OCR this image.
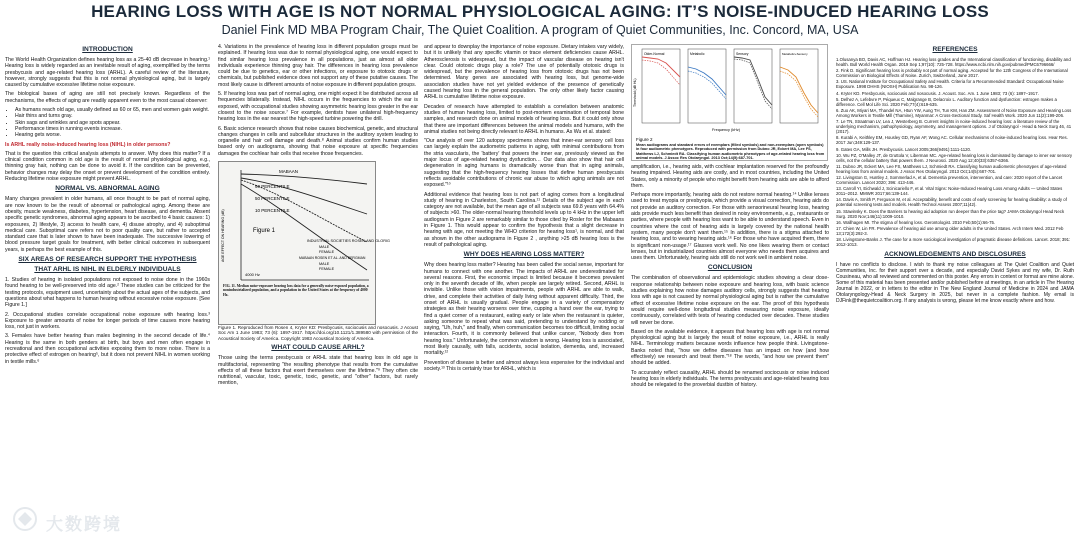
HEARING LOSS WITH AGE IS NOT NORMAL PHYSIOLOGICAL AGING: IT’S NOISE-INDUCED HEARING LOSS
Daniel Fink MD MBA Program Chair, The Quiet Coalition. A program of Quiet Communities, Inc. Concord, MA, USA
INTRODUCTION

The World Health Organization defines hearing loss as a 25-40 dB decrease in hearing.¹ Hearing loss is widely regarded as an inevitable result of aging, exemplified by the terms presbycusis and age-related hearing loss (ARHL). A careful review of the literature, however, strongly suggests that this is not normal physiological aging, but is largely caused by cumulative excessive lifetime noise exposure.

The biological bases of aging are still not precisely known. Regardless of the mechanisms, the effects of aging are readily apparent even to the most casual observer:

• As humans reach old age, usually defined as 60 or 65, men and women gain weight.
• Hair thins and turns gray.
• Skin sags and wrinkles and age spots appear.
• Performance times in running events increase.
• Hearing gets worse.

Is ARHL really noise-induced hearing loss (NIHL) in older persons?

That is the question this critical analysis attempts to answer. Why does this matter? If a clinical condition common in old age is the result of normal physiological aging, e.g., thinning gray hair, nothing can be done to avoid it. If the condition can be prevented, behavior changes may delay the onset or prevent development of the condition entirely. Reducing lifetime noise exposure might prevent ARHL.

NORMAL VS. ABNORMAL AGING

Many changes prevalent in older humans, all once thought to be part of normal aging, are now known to be the result of abnormal or pathological aging. Among these are obesity, muscle weakness, diabetes, hypertension, heart disease, and dementia. Absent specific genetic syndromes, abnormal aging appears to be ascribed to 4 basic causes: 1) exposures, 2) lifestyle, 3) access to health care, 4) disuse atrophy, and 4) suboptimal medical care. Suboptimal care refers not to poor quality care, but rather to accepted standard care that is later shown to have been inadequate. The successive lowering of blood pressure target goals for treatment, with better clinical outcomes in subsequent years, is perhaps the best example of this.

SIX AREAS OF RESEARCH SUPPORT THE HYPOTHESIS
THAT ARHL IS NIHL IN ELDERLY INDIVIDUALS

1. Studies of hearing in isolated populations not exposed to noise done in the 1960s found hearing to be well-preserved into old age.² These studies can be criticized for the testing protocols, equipment used, uncertainty about the actual ages of the subjects, and questions about what happens to human hearing without excessive noise exposure. [See Figure 1.]

2. Occupational studies correlate occupational noise exposure with hearing loss.³ Exposure to greater amounts of noise for longer periods of time causes more hearing loss, not just in workers.

3. Females have better hearing than males beginning in the second decade of life.⁴ Hearing is the same in both genders at birth, but boys and men often engage in recreational and then occupational activities exposing them to more noise. There is a protective effect of estrogen on hearing⁵, but it does not prevent NIHL in women working in textile mills.⁶

4. Variations in the prevalence of hearing loss in different population groups must be explained. If hearing loss was due to normal physiological aging, one would expect to find similar hearing loss prevalence in all populations, just as almost all older individuals experience thinning gray hair. The differences in hearing loss prevalence could be due to genetics, ear or other infections, or exposure to ototoxic drugs or chemicals, but published evidence does not support any of these putative causes. The most likely cause is different amounts of noise exposure in different population groups.

5. If hearing loss was part of normal aging, one might expect it be distributed across all frequencies bilaterally. Instead, NIHL occurs in the frequencies to which the ear is exposed, with occupational studies showing asymmetric hearing loss greater in the ear closest to the noise source.⁷ For example, dentists have unilateral high-frequency hearing loss in the ear nearest the high-speed turbine powering the drill.

6. Basic science research shows that noise causes biochemical, genetic, and structural changes changes in cells and subcellular structures in the auditory system leading to organelle and hair cell damage and death.⁸ Animal studies confirm human studies based only on audiograms, showing that noise exposure at specific frequencies damages the cochlear hair cells that receive those frequencies.

MABAAN
90 PERCENTILE
50 PERCENTILE
10 PERCENTILE
Figure 1
INDUSTRIAL SOCIETIES ROSEN AND GLORIG
MALE
FEMALE
MABAAN ROSEN ET AL. AND BERGMAN
MALE
FEMALE
4000 Hz
AGE EFFECT ON HEARING (dB)
FIG. 11. Median noise-exposure hearing loss data for a generally noise-exposed population, a nonindustrialized population, and a population in the United States at the frequency of 4000 Hz.

Figure 1. Reproduced from Rosen 4, Kryter KD: Presbycusis, sociocusis and nosocusis. J Acoust Soc Am 1 June 1983; 73 (6): 1897-1917. https://doi.org/10.1121/1.389580 with permission of the Acoustical Society of America. Copyright 1983 Acoustical Society of America.

WHAT COULD CAUSE ARHL?

Those using the terms presbycusis or ARHL state that hearing loss in old age is multifactorial, representing "the resulting phenotype that results from the cumulative effects of all these factors that exert themselves over the lifetime."⁹ They often cite nutritional, vascular, toxic, genetic, toxic, genetic, and "other" factors, but rarely mention,

and appear to downplay the importance of noise exposure. Dietary intakes vary widely, but it is unlikely that any specific vitamin or trace element deficiencies cause ARHL. Atherosclerosis is widespread, but the impact of vascular disease on hearing isn't clear. Could ototoxic drugs play a role? The use of potentially ototoxic drugs is widespread, but the prevalence of hearing loss from ototoxic drugs has not been determined. Many genes are associated with hearing loss, but genome-wide association studies have not yet yielded evidence of the presence of genetically caused hearing loss in the general population. The only other likely factor causing ARHL is cumulative lifetime noise exposure.

Decades of research have attempted to establish a correlation between anatomic studies of human hearing loss, limited to post-mortem examination of temporal bone samples, and research done on animal models of hearing loss. But it could only show that there are important differences between the animal models and humans, with the animal studies not being directly relevant to ARHL in humans. As Wu et al. stated:

"Our analysis of over 120 autopsy specimens shows that inner-ear sensory cell loss can largely explain the audiometric patterns in aging, with minimal contributions from the stria vascularis, the 'battery' that powers the inner ear, previously viewed as the major locus of age-related hearing dysfunction… Our data also show that hair cell degeneration in aging humans is dramatically worse than that in aging animals, suggesting that the high-frequency hearing losses that define human presbycusis reflects avoidable contributions of chronic ear abuse to which aging animals are not exposed."¹⁰

Additional evidence that hearing loss is not part of aging comes from a longitudinal study of hearing in Charleston, South Carolina.¹¹ Details of the subject age in each category are not available, but the mean age of all subjects was 69.8 years with 64.4% of subjects >60. The older-normal hearing threshold levels up to 4 kHz in the upper left audiogram in Figure 2 are remarkably similar to those cited by Rosler for the Mabaans in Figure 1. This would appear to confirm the hypothesis that a slight decrease in hearing with age, not meeting the WHO criterion for hearing loss¹, is normal, and that as shown in the other audiograms in Figure 2 , anything >25 dB hearing loss is the result of pathological aging.

WHY DOES HEARING LOSS MATTER?

Why does hearing loss matter? Hearing has been called the social sense, important for humans to connect with one another. The impacts of ARHL are underestimated for several reasons. First, the economic impact is limited because it becomes prevalent only in the seventh decade of life, when people are largely retired. Second, ARHL is invisible. Unlike those with vision impairments, people with ARHL are able to walk, drive, and complete their activities of daily living without apparent difficulty. Third, the onset of ARHL is usually gradual. People engage in a variety of compensatory strategies as their hearing worsens over time, cupping a hand over the ear, trying to find a quiet corner of a restaurant, eating early or late when the restaurant is quieter, asking someone to repeat what was said, pretending to understand by nodding or saying, "Uh, huh," and finally, when communication becomes too difficult, limiting social interaction. Fourth, it is commonly believed that unlike cancer, "Nobody dies from hearing loss." Unfortunately, the common wisdom is wrong. Hearing loss is associated, most likely causally, with falls, accidents, social isolation, dementia, and, increased mortality.¹²

Prevention of disease is better and almost always less expensive for the individual and society.¹³ This is certainly true for ARHL, which is

Threshold (dB HL)
Frequency (kHz)
Older-Normal	Metabolic	Sensory	Metabolic+Sensory
Figure 2
Mean audiograms and standard errors of exemplars (filled symbols) and non-exemplars (open symbols) in four audiometric phenotypes. Reproduced with permission from Dubno JR, Eckert MA, Lee FS, Matthews LJ, Schmiedt RA. Classifying human audiometric phenotypes of age-related hearing loss from animal models. J Assoc Res Otolaryngol. 2013 Oct;14(5):687-701.

amplification, i.e., hearing aids, with cochlear implantation reserved for the profoundly hearing impaired. Hearing aids are costly, and in most countries, including the United States, only a minority of people who might benefit from hearing aids are able to afford them.

Perhaps more importantly, hearing aids do not restore normal hearing.¹⁴ Unlike lenses used to treat myopia or presbyopia, which provide a visual correction, hearing aids do not provide an auditory correction. For those with sensorineural hearing loss, hearing aids provide much less benefit than desired in noisy environments, e.g., restaurants or parties, where people with hearing loss want to be able to understand speech. Even in countries where the cost of hearing aids is largely covered by the national health system, many people don't want them.¹⁵ In addition, there is a stigma attached to hearing loss, and to wearing hearing aids.¹⁶ For those who have acquired them, there is significant non-usage.¹⁷ Glasses work well. No one likes wearing them or contact lenses, but in industrialized countries almost everyone who needs them acquires and uses them. Unfortunately, hearing aids still do not work well in ambient noise.

CONCLUSION

The combination of observational and epidemiologic studies showing a clear dose-response relationship between noise exposure and hearing loss, with basic science studies explaining how noise damages auditory cells, strongly suggests that hearing loss with age is not caused by normal physiological aging but is rather the cumulative effect of excessive lifetime noise exposure on the ear. The proof of this hypothesis would require well-done longitudinal studies measuring noise exposure, ideally continuously, correlated with tests of hearing conducted over decades. These studies will never be done.

Based on the available evidence, it appears that hearing loss with age is not normal physiological aging but is largely the result of noise exposure, i.e., ARHL is really NIHL. Terminology matters because words influence how people think. Livingstone-Banks noted that, "how we define diseases has an impact on how (and how effectively) we research and treat them."¹⁸ The words, "and how we prevent them" should be added.

To accurately reflect causality, ARHL should be renamed sociocusis or noise induced hearing loss in elderly individuals. The terms presbycusis and age-related hearing loss should be relegated to the proverbial dustbin of history.

REFERENCES
1.Olusanya BO, Davis AC, Hoffman HJ. Hearing loss grades and the International classification of functioning, disability and health. Bull World Health Organ. 2019 Sep 1;97(10): 725-728. https://www.ncbi.nlm.nih.gov/pubmed/PMC6796666/
2. Fink D. Significant hearing loss is probably not part of normal aging. Accepted for the 12th Congress of the International Commission on Biological Effects of Noise. Zurich, Switzerland, June 2017.
3. US. National Institute for Occupational Safety and Health. Criteria for a Recommended Standard: Occupational Noise Exposure. 1998 DHHS (NIOSH) Publication No. 98-126.
4. Kryter KD. Presbycusis, sociocusis and nosocusis. J. Acoust. Soc. Am. 1 June 1983; 73 (6): 1897–1917.
5. Delhez A, Lefebvre P, Péqueux C, Malgrange B, Delacroix L. Auditory function and dysfunction: estrogen makes a difference. Cell Mol Life Sci. 2020 Feb;77(4):619-635.
6. Zuo AK, Miyari MA, Thandel NA, Htun YW, Aung TH, Tun KM, Han ZM. Assessment of Noise Exposure and Hearing Loss Among Workers in Textile Mill (Thamine), Myanmar: A Cross-Sectional Study. Saf Health Work. 2020 Jun 11(2):199-206.
7. Le TN, Straatman LV, Lea J, Westerberg B. Current insights in noise-induced hearing loss: a literature review of the underlying mechanism, pathophysiology, asymmetry, and management options. J of Otolaryngol - Head & Neck Surg 46, 41 (2017).
8. Kurabi A, Keithley EM, Housley GD, Ryan AF, Wong AC. Cellular mechanisms of noise-induced hearing loss. Hear Res. 2017 Jun;349:129-137.
9. Gates GA, Mills JH. Presbycusis. Lancet 2005;366(9491):1111-1120.
10. Wu PZ, O'Malley JT, de Gruttola V, Liberman MC. Age-related hearing loss is dominated by damage to inner ear sensory cells, not the cellular battery that powers them. J Neurosci. 2020 Aug 12;40(33):6357-6366.
11. Dubno JR, Eckert MA, Lee FS, Matthews LJ, Schmiedt RA. Classifying human audiometric phenotypes of age-related hearing loss from animal models. J Assoc Res Otolaryngol. 2013 Oct;14(5):687-701.
12. Livingston G, Huntley J, Sommerlad A, et al. Dementia prevention, intervention, and care: 2020 report of the Lancet Commission. Lancet 2020; 396: 413-446.
13. Carroll YI, Eichwald J, Scinicariello F, et al. Vital Signs: Noise-Induced Hearing Loss Among Adults — United States 2011–2012. MMWR 2017;66:139-144.
14. Davis A, Smith P, Ferguson M, et al. Acceptability, benefit and costs of early screening for hearing disability: a study of potential screening tests and models. Health Technol Assess 2007;11(42).
15. Stawinsky K. Does the Barriers to hearing aid adoption run deeper than the price tag? JAMA Otolaryngol Head Neck Surg. 2020 Nov;146(11):1009-1010.
16. Wallhagen MI. The stigma of hearing loss. Gerontologist. 2010 Feb;50(1):66-75.
17. Chien W, Lin FR. Prevalence of hearing aid use among older adults in the United States. Arch Intern Med. 2012 Feb 13;172(3):292-3.
18. Livingstone-Banks J. The case for a more sociological investigation of pragmatic disease definitions. Lancet. 2018; 391: 1012-1013.
ACKNOWLEDGEMENTS AND DISCLOSURES

I have no conflicts to disclose. I wish to thank my noise colleagues at The Quiet Coalition and Quiet Communities, Inc. for their support over a decade, and especially David Sykes and my wife, Dr. Ruth Cousineau, who all reviewed and commented on this poster. Any errors in content or format are mine alone. Some of this material has been presented and/or published before at meetings, in an article in The Hearing Journal in 2022, or in letters to the editor in The New England Journal of Medicine in 2024 and JAMA Otolaryngology-Head & Neck Surgery in 2025, but never in a complete fashion. My email is DJFink@thequietcoalition.org. If any analysis is wrong, please let me know exactly where and how.

大数跨境
